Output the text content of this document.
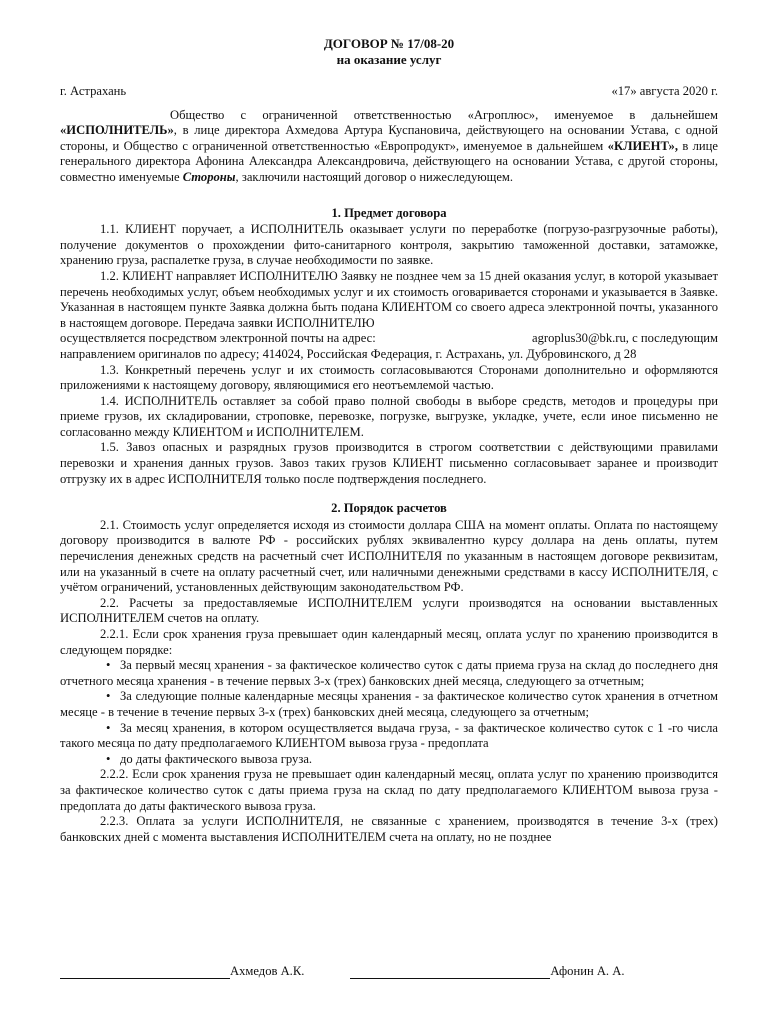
ДОГОВОР № 17/08-20

на оказание услуг

г. Астрахань	«17» августа 2020 г.

Общество с ограниченной ответственностью «Агроплюс», именуемое в дальнейшем «ИСПОЛНИТЕЛЬ», в лице директора Ахмедова Артура Куспановича, действующего на основании Устава, с одной стороны, и Общество с ограниченной ответственностью «Европродукт», именуемое в дальнейшем «КЛИЕНТ», в лице генерального директора Афонина Александра Александровича, действующего на основании Устава, с другой стороны, совместно именуемые Стороны, заключили настоящий договор о нижеследующем.

1. Предмет договора

1.1. КЛИЕНТ поручает, а ИСПОЛНИТЕЛЬ оказывает услуги по переработке (погрузо-разгрузочные работы), получение документов о прохождении фито-санитарного контроля, закрытию таможенной доставки, затаможке, хранению груза, распалетке груза, в случае необходимости по заявке.

1.2. КЛИЕНТ направляет ИСПОЛНИТЕЛЮ Заявку не позднее чем за 15 дней оказания услуг, в которой указывает перечень необходимых услуг, объем необходимых услуг и их стоимость оговаривается сторонами и указывается в Заявке. Указанная в настоящем пункте Заявка должна быть подана КЛИЕНТОМ со своего адреса электронной почты, указанного в настоящем договоре. Передача заявки ИСПОЛНИТЕЛЮ

осуществляется посредством электронной почты на адрес:	agroplus30@bk.ru, с последующим

направлением оригиналов по адресу; 414024, Российская Федерация, г. Астрахань, ул. Дубровинского, д 28

1.3. Конкретный перечень услуг и их стоимость согласовываются Сторонами дополнительно и оформляются приложениями к настоящему договору, являющимися его неотъемлемой частью.

1.4. ИСПОЛНИТЕЛЬ оставляет за собой право полной свободы в выборе средств, методов и процедуры при приеме грузов, их складировании, строповке, перевозке, погрузке, выгрузке, укладке, учете, если иное письменно не согласованно между КЛИЕНТОМ и ИСПОЛНИТЕЛЕМ.

1.5. Завоз опасных и разрядных грузов производится в строгом соответствии с действующими правилами перевозки и хранения данных грузов. Завоз таких грузов КЛИЕНТ письменно согласовывает заранее и производит отгрузку их в адрес ИСПОЛНИТЕЛЯ только после подтверждения последнего.

2. Порядок расчетов

2.1. Стоимость услуг определяется исходя из стоимости доллара США на момент оплаты. Оплата по настоящему договору производится в валюте РФ - российских рублях эквивалентно курсу доллара на день оплаты, путем перечисления денежных средств на расчетный счет ИСПОЛНИТЕЛЯ по указанным в настоящем договоре реквизитам, или на указанный в счете на оплату расчетный счет, или наличными денежными средствами в кассу ИСПОЛНИТЕЛЯ, с учётом ограничений, установленных действующим законодательством РФ.

2.2. Расчеты за предоставляемые ИСПОЛНИТЕЛЕМ услуги производятся на основании выставленных ИСПОЛНИТЕЛЕМ счетов на оплату.

2.2.1. Если срок хранения груза превышает один календарный месяц, оплата услуг по хранению производится в следующем порядке:

• За первый месяц хранения - за фактическое количество суток с даты приема груза на склад до последнего дня отчетного месяца хранения - в течение первых 3-х (трех) банковских дней месяца, следующего за отчетным;

• За следующие полные календарные месяцы хранения - за фактическое количество суток хранения в отчетном месяце - в течение в течение первых 3-х (трех) банковских дней месяца, следующего за отчетным;

• За месяц хранения, в котором осуществляется выдача груза, - за фактическое количество суток с 1 -го числа такого месяца по дату предполагаемого КЛИЕНТОМ вывоза груза - предоплата

• до даты фактического вывоза груза.

2.2.2. Если срок хранения груза не превышает один календарный месяц, оплата услуг по хранению производится за фактическое количество суток с даты приема груза на склад по дату предполагаемого КЛИЕНТОМ вывоза груза - предоплата до даты фактического вывоза груза.

2.2.3. Оплата за услуги ИСПОЛНИТЕЛЯ, не связанные с хранением, производятся в течение 3-х (трех) банковских дней с момента выставления ИСПОЛНИТЕЛЕМ счета на оплату, но не позднее

Ахмедов А.К.	Афонин А. А.
